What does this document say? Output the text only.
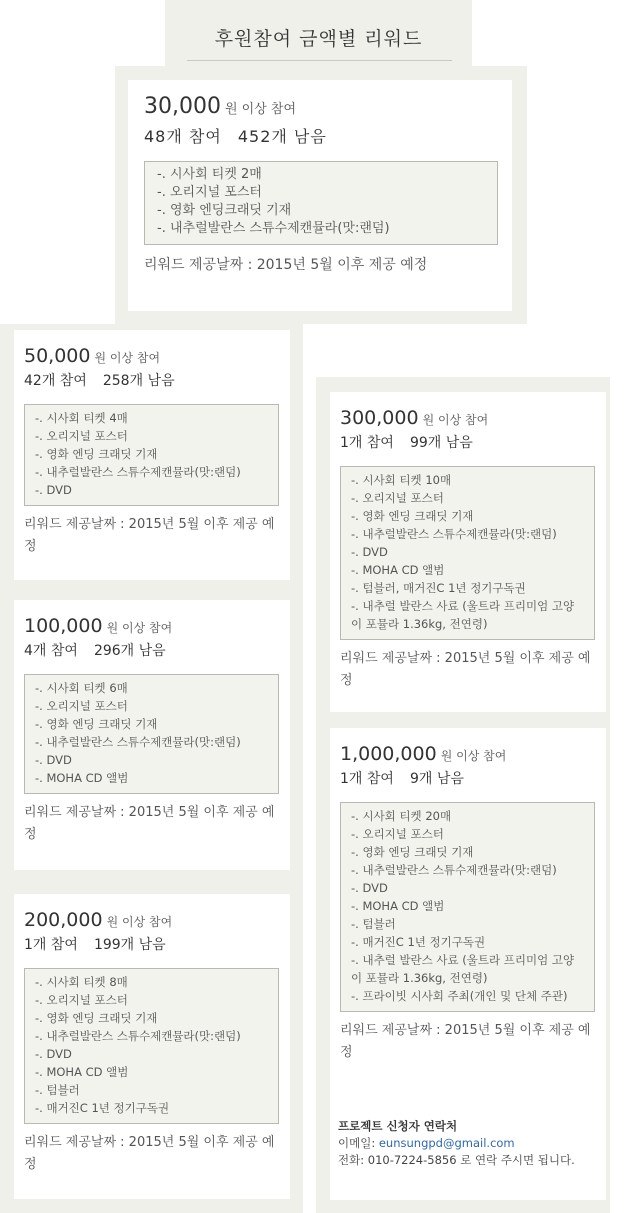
후원참여 금액별 리워드
30,000 원 이상 참여
48개 참여 452개 남음
-. 시사회 티켓 2매
-. 오리지널 포스터
-. 영화 엔딩크래딧 기재
-. 내추럴발란스 스튜수제캔뮬라(맛:랜덤)
리워드 제공날짜 : 2015년 5월 이후 제공 예정
50,000 원 이상 참여
42개 참여 258개 남음
-. 시사회 티켓 4매
-. 오리지널 포스터
-. 영화 엔딩 크래딧 기재
-. 내추럴발란스 스튜수제캔뮬라(맛:랜덤)
-. DVD
리워드 제공날짜 : 2015년 5월 이후 제공 예정
100,000 원 이상 참여
4개 참여 296개 남음
-. 시사회 티켓 6매
-. 오리지널 포스터
-. 영화 엔딩 크래딧 기재
-. 내추럴발란스 스튜수제캔뮬라(맛:랜덤)
-. DVD
-. MOHA CD 앨범
리워드 제공날짜 : 2015년 5월 이후 제공 예정
200,000 원 이상 참여
1개 참여 199개 남음
-. 시사회 티켓 8매
-. 오리지널 포스터
-. 영화 엔딩 크래딧 기재
-. 내추럴발란스 스튜수제캔뮬라(맛:랜덤)
-. DVD
-. MOHA CD 앨범
-. 텀블러
-. 매거진C 1년 정기구독권
리워드 제공날짜 : 2015년 5월 이후 제공 예정
300,000 원 이상 참여
1개 참여 99개 남음
-. 시사회 티켓 10매
-. 오리지널 포스터
-. 영화 엔딩 크래딧 기재
-. 내추럴발란스 스튜수제캔뮬라(맛:랜덤)
-. DVD
-. MOHA CD 앨범
-. 텀블러, 매거진C 1년 정기구독권
-. 내추럴 발란스 사료 (울트라 프리미엄 고양이 포뮬라 1.36kg, 전연령)
리워드 제공날짜 : 2015년 5월 이후 제공 예정
1,000,000 원 이상 참여
1개 참여 9개 남음
-. 시사회 티켓 20매
-. 오리지널 포스터
-. 영화 엔딩 크래딧 기재
-. 내추럴발란스 스튜수제캔뮬라(맛:랜덤)
-. DVD
-. MOHA CD 앨범
-. 텀블러
-. 매거진C 1년 정기구독권
-. 내추럴 발란스 사료 (울트라 프리미엄 고양이 포뮬라 1.36kg, 전연령)
-. 프라이빗 시사회 주최(개인 및 단체 주관)
리워드 제공날짜 : 2015년 5월 이후 제공 예정
프로젝트 신청자 연락처
이메일: eunsungpd@gmail.com
전화: 010-7224-5856 로 연락 주시면 됩니다.
